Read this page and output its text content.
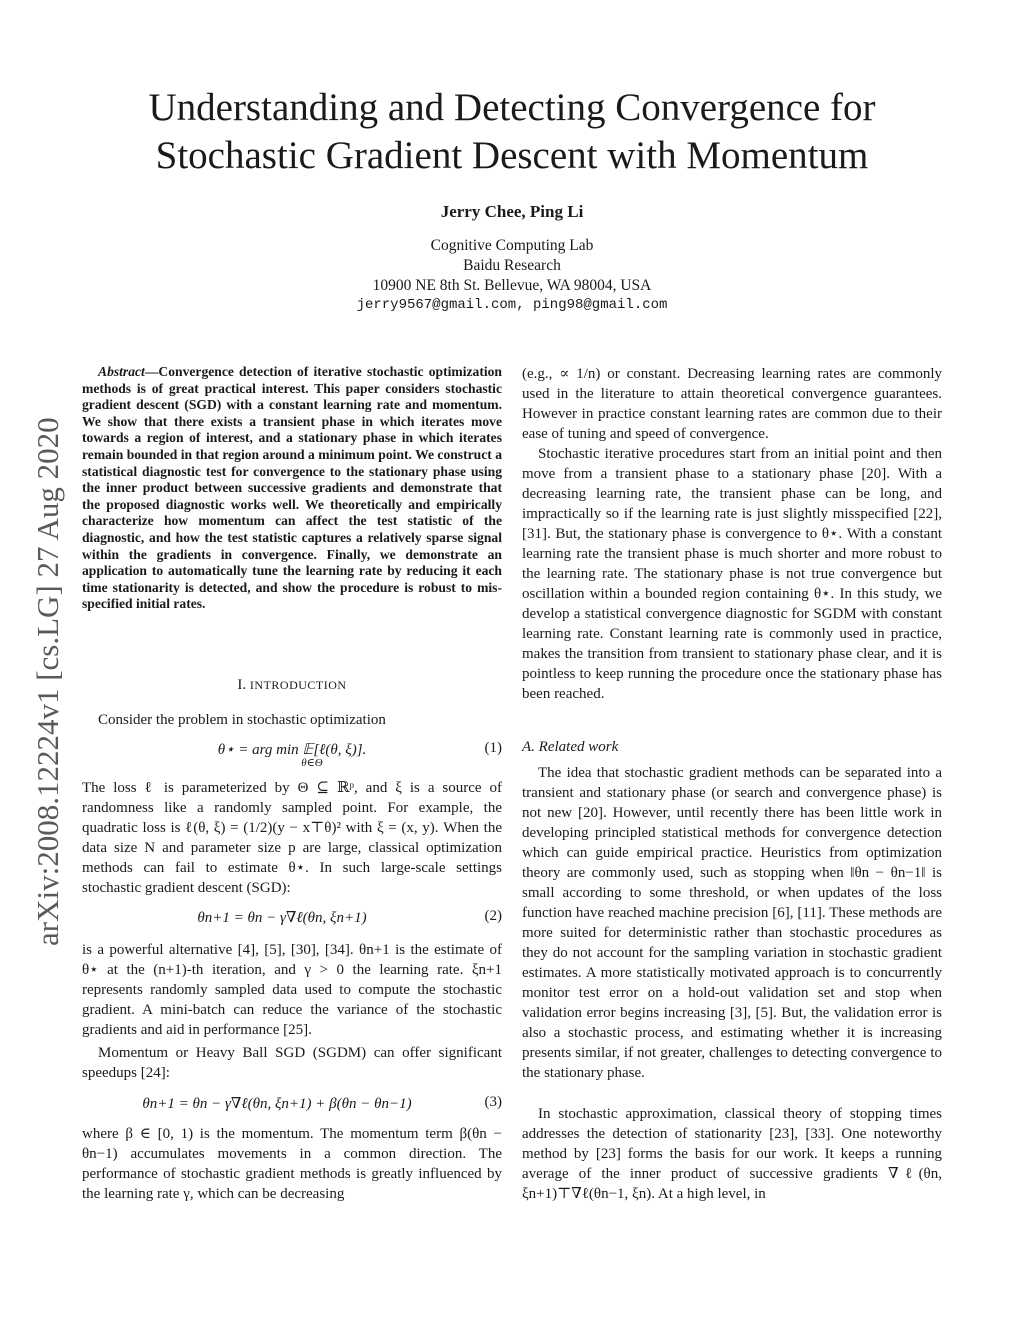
Understanding and Detecting Convergence for
Stochastic Gradient Descent with Momentum
Jerry Chee, Ping Li
Cognitive Computing Lab
Baidu Research
10900 NE 8th St. Bellevue, WA 98004, USA
jerry9567@gmail.com, ping98@gmail.com
arXiv:2008.12224v1 [cs.LG] 27 Aug 2020
Abstract—Convergence detection of iterative stochastic optimization methods is of great practical interest. This paper considers stochastic gradient descent (SGD) with a constant learning rate and momentum. We show that there exists a transient phase in which iterates move towards a region of interest, and a stationary phase in which iterates remain bounded in that region around a minimum point. We construct a statistical diagnostic test for convergence to the stationary phase using the inner product between successive gradients and demonstrate that the proposed diagnostic works well. We theoretically and empirically characterize how momentum can affect the test statistic of the diagnostic, and how the test statistic captures a relatively sparse signal within the gradients in convergence. Finally, we demonstrate an application to automatically tune the learning rate by reducing it each time stationarity is detected, and show the procedure is robust to mis-specified initial rates.
I. INTRODUCTION
Consider the problem in stochastic optimization
θ⋆ = arg min 𝔼[ℓ(θ, ξ)].
θ∈Θ
(1)
The loss ℓ is parameterized by Θ ⊆ ℝᵖ, and ξ is a source of randomness like a randomly sampled point. For example, the quadratic loss is ℓ(θ, ξ) = (1/2)(y − x⊤θ)² with ξ = (x, y). When the data size N and parameter size p are large, classical optimization methods can fail to estimate θ⋆. In such large-scale settings stochastic gradient descent (SGD):
θn+1 = θn − γ∇ℓ(θn, ξn+1)	(2)
is a powerful alternative [4], [5], [30], [34]. θn+1 is the estimate of θ⋆ at the (n+1)-th iteration, and γ > 0 the learning rate. ξn+1 represents randomly sampled data used to compute the stochastic gradient. A mini-batch can reduce the variance of the stochastic gradients and aid in performance [25].
Momentum or Heavy Ball SGD (SGDM) can offer significant speedups [24]:
θn+1 = θn − γ∇ℓ(θn, ξn+1) + β(θn − θn−1)	(3)
where β ∈ [0, 1) is the momentum. The momentum term β(θn − θn−1) accumulates movements in a common direction. The performance of stochastic gradient methods is greatly influenced by the learning rate γ, which can be decreasing
(e.g., ∝ 1/n) or constant. Decreasing learning rates are commonly used in the literature to attain theoretical convergence guarantees. However in practice constant learning rates are common due to their ease of tuning and speed of convergence.
Stochastic iterative procedures start from an initial point and then move from a transient phase to a stationary phase [20]. With a decreasing learning rate, the transient phase can be long, and impractically so if the learning rate is just slightly misspecified [22], [31]. But, the stationary phase is convergence to θ⋆. With a constant learning rate the transient phase is much shorter and more robust to the learning rate. The stationary phase is not true convergence but oscillation within a bounded region containing θ⋆. In this study, we develop a statistical convergence diagnostic for SGDM with constant learning rate. Constant learning rate is commonly used in practice, makes the transition from transient to stationary phase clear, and it is pointless to keep running the procedure once the stationary phase has been reached.
A. Related work
The idea that stochastic gradient methods can be separated into a transient and stationary phase (or search and convergence phase) is not new [20]. However, until recently there has been little work in developing principled statistical methods for convergence detection which can guide empirical practice. Heuristics from optimization theory are commonly used, such as stopping when ‖θn − θn−1‖ is small according to some threshold, or when updates of the loss function have reached machine precision [6], [11]. These methods are more suited for deterministic rather than stochastic procedures as they do not account for the sampling variation in stochastic gradient estimates. A more statistically motivated approach is to concurrently monitor test error on a hold-out validation set and stop when validation error begins increasing [3], [5]. But, the validation error is also a stochastic process, and estimating whether it is increasing presents similar, if not greater, challenges to detecting convergence to the stationary phase.
In stochastic approximation, classical theory of stopping times addresses the detection of stationarity [23], [33]. One noteworthy method by [23] forms the basis for our work. It keeps a running average of the inner product of successive gradients ∇ℓ(θn, ξn+1)⊤∇ℓ(θn−1, ξn). At a high level, in
